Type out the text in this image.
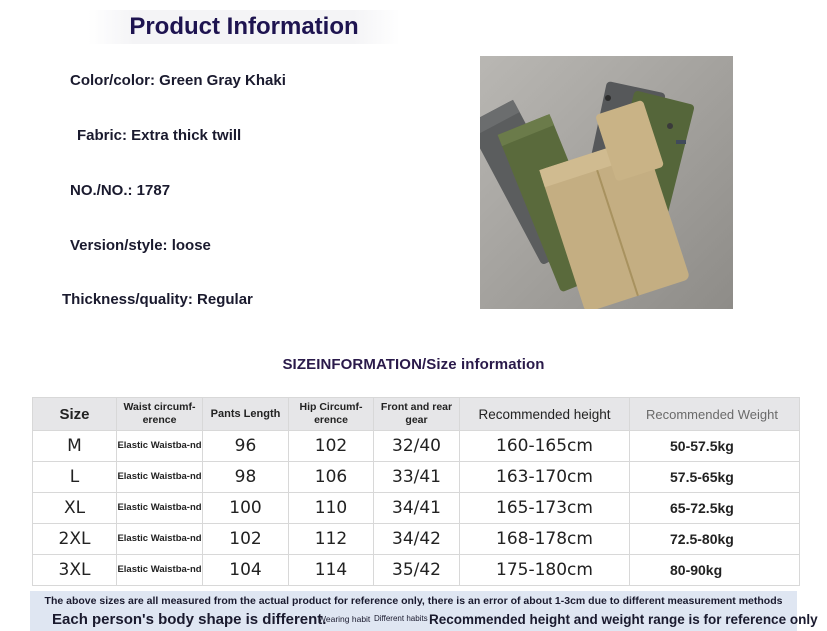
Product Information
Color/color: Green Gray Khaki
Fabric: Extra thick twill
NO./NO.: 1787
Version/style: loose
Thickness/quality: Regular
SIZEINFORMATION/Size information
Size	Waist circumf-erence	Pants Length	Hip Circumf-erence	Front and rear gear	Recommended height	Recommended Weight
M	Elastic Waistba-nd	96	102	32/40	160-165cm	50-57.5kg
L	Elastic Waistba-nd	98	106	33/41	163-170cm	57.5-65kg
XL	Elastic Waistba-nd	100	110	34/41	165-173cm	65-72.5kg
2XL	Elastic Waistba-nd	102	112	34/42	168-178cm	72.5-80kg
3XL	Elastic Waistba-nd	104	114	35/42	175-180cm	80-90kg
The above sizes are all measured from the actual product for reference only, there is an error of about 1-3cm due to different measurement methods
Each person's body shape is different.
Wearing habit Different habits Recommended height and weight range is for reference only
